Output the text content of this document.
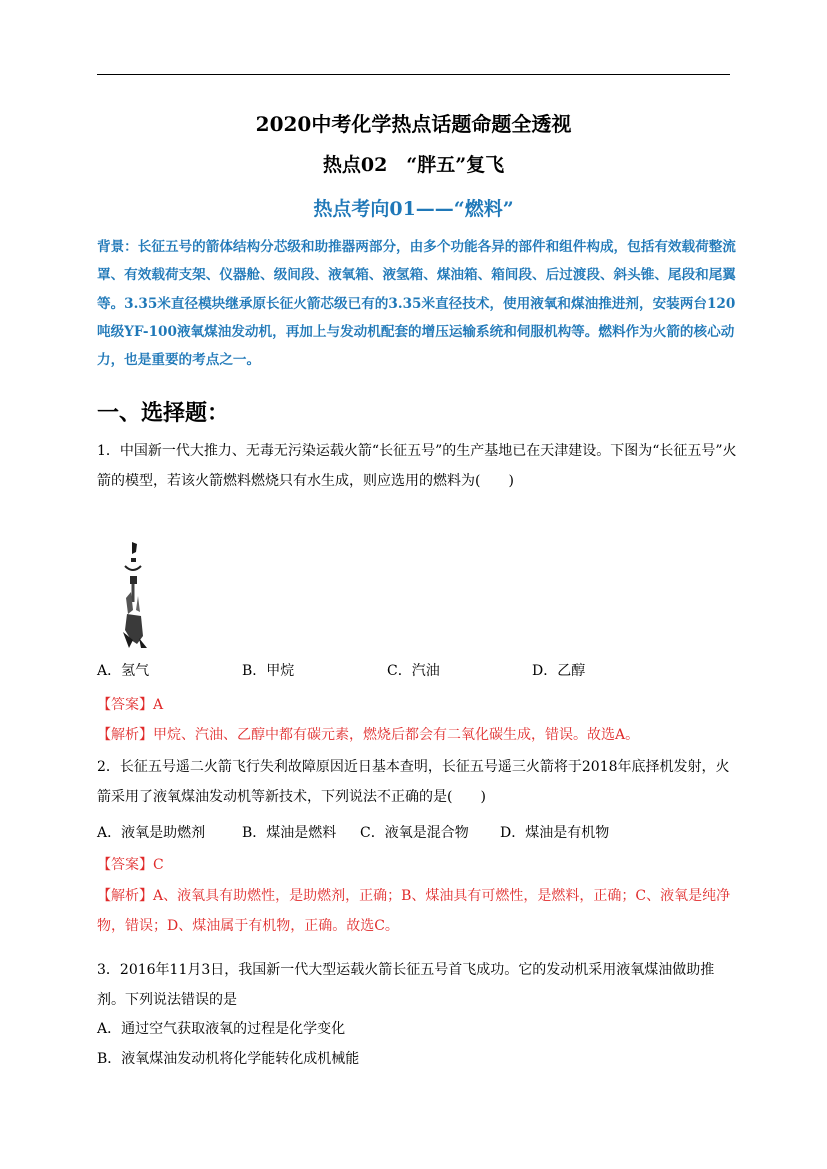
2020中考化学热点话题命题全透视
热点02　“胖五”复飞
热点考向01——“燃料”
背景：长征五号的箭体结构分芯级和助推器两部分，由多个功能各异的部件和组件构成，包括有效载荷整流罩、有效载荷支架、仪器舱、级间段、液氧箱、液氢箱、煤油箱、箱间段、后过渡段、斜头锥、尾段和尾翼等。3.35米直径模块继承原长征火箭芯级已有的3.35米直径技术，使用液氧和煤油推进剂，安装两台120吨级YF-100液氧煤油发动机，再加上与发动机配套的增压运输系统和伺服机构等。燃料作为火箭的核心动力，也是重要的考点之一。
一、选择题：
1．中国新一代大推力、无毒无污染运载火箭“长征五号”的生产基地已在天津建设。下图为“长征五号”火箭的模型，若该火箭燃料燃烧只有水生成，则应选用的燃料为(　　)
A．氢气	B．甲烷	C．汽油	D．乙醇
【答案】A
【解析】甲烷、汽油、乙醇中都有碳元素，燃烧后都会有二氧化碳生成，错误。故选A。
2．长征五号遥二火箭飞行失利故障原因近日基本查明，长征五号遥三火箭将于2018年底择机发射，火箭采用了液氧煤油发动机等新技术，下列说法不正确的是(　　)
A．液氧是助燃剂	B．煤油是燃料 C．液氧是混合物 D．煤油是有机物
【答案】C
【解析】A、液氧具有助燃性，是助燃剂，正确；B、煤油具有可燃性，是燃料，正确；C、液氧是纯净物，错误；D、煤油属于有机物，正确。故选C。
3．2016年11月3日，我国新一代大型运载火箭长征五号首飞成功。它的发动机采用液氧煤油做助推剂。下列说法错误的是
A．通过空气获取液氧的过程是化学变化
B．液氧煤油发动机将化学能转化成机械能
